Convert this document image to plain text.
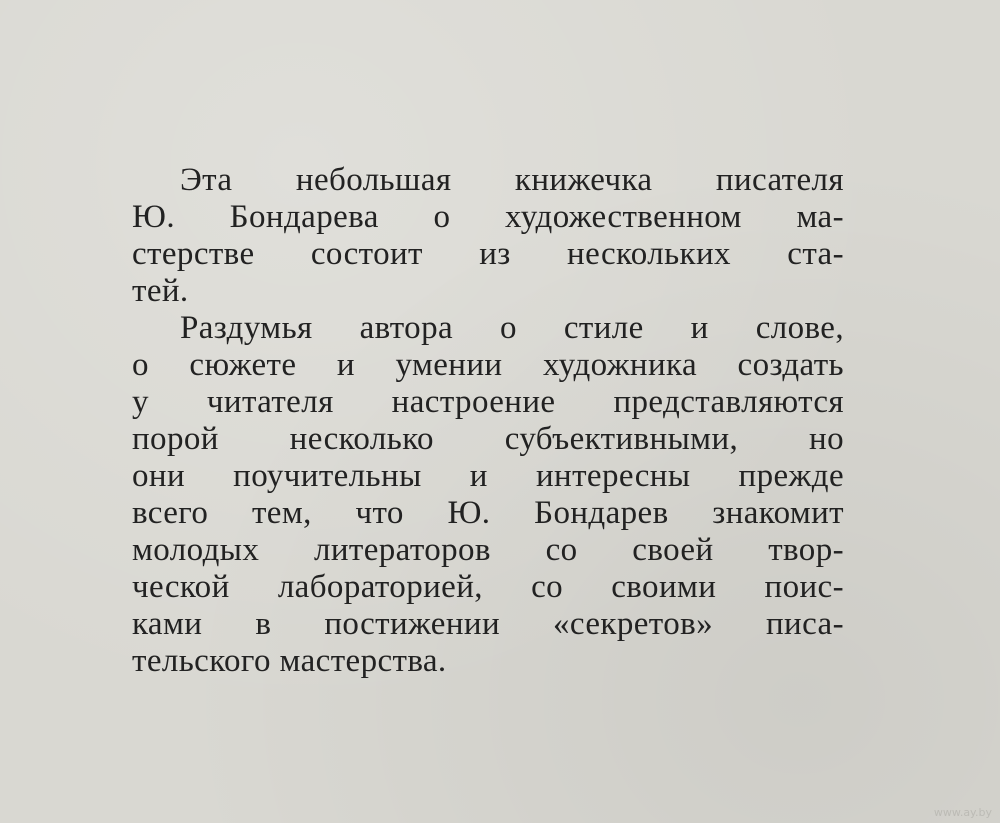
Эта небольшая книжечка писателя
Ю. Бондарева о художественном ма-
стерстве состоит из нескольких ста-
тей.

Раздумья автора о стиле и слове,
о сюжете и умении художника создать
у читателя настроение представляются
порой несколько субъективными, но
они поучительны и интересны прежде
всего тем, что Ю. Бондарев знакомит
молодых литераторов со своей твор-
ческой лабораторией, со своими поис-
ками в постижении «секретов» писа-
тельского мастерства.

www.ay.by
